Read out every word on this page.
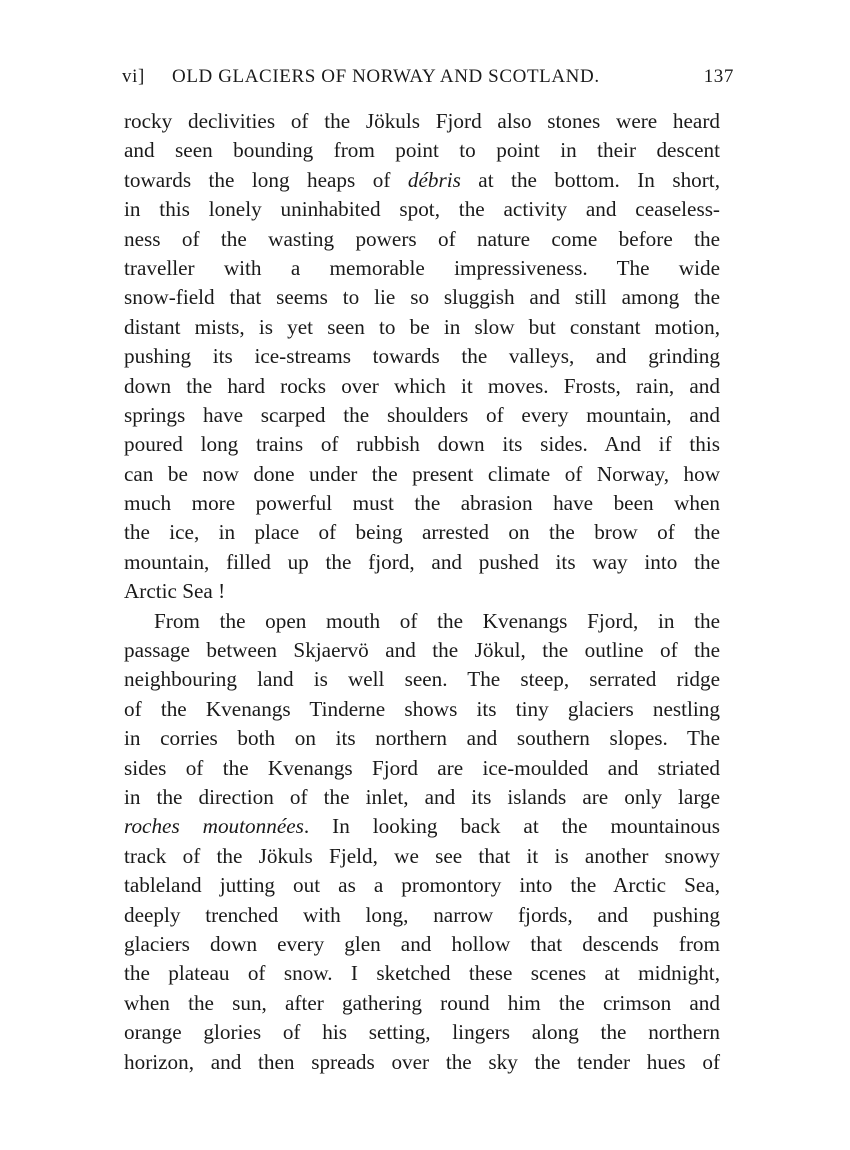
vi] OLD GLACIERS OF NORWAY AND SCOTLAND.	137
rocky declivities of the Jökuls Fjord also stones were heard
and seen bounding from point to point in their descent
towards the long heaps of débris at the bottom. In short,
in this lonely uninhabited spot, the activity and ceaseless-
ness of the wasting powers of nature come before the
traveller with a memorable impressiveness. The wide
snow-field that seems to lie so sluggish and still among the
distant mists, is yet seen to be in slow but constant motion,
pushing its ice-streams towards the valleys, and grinding
down the hard rocks over which it moves. Frosts, rain, and
springs have scarped the shoulders of every mountain, and
poured long trains of rubbish down its sides. And if this
can be now done under the present climate of Norway, how
much more powerful must the abrasion have been when
the ice, in place of being arrested on the brow of the
mountain, filled up the fjord, and pushed its way into the
Arctic Sea !
From the open mouth of the Kvenangs Fjord, in the
passage between Skjaervö and the Jökul, the outline of the
neighbouring land is well seen. The steep, serrated ridge
of the Kvenangs Tinderne shows its tiny glaciers nestling
in corries both on its northern and southern slopes. The
sides of the Kvenangs Fjord are ice-moulded and striated
in the direction of the inlet, and its islands are only large
roches moutonnées. In looking back at the mountainous
track of the Jökuls Fjeld, we see that it is another snowy
tableland jutting out as a promontory into the Arctic Sea,
deeply trenched with long, narrow fjords, and pushing
glaciers down every glen and hollow that descends from
the plateau of snow. I sketched these scenes at midnight,
when the sun, after gathering round him the crimson and
orange glories of his setting, lingers along the northern
horizon, and then spreads over the sky the tender hues of
